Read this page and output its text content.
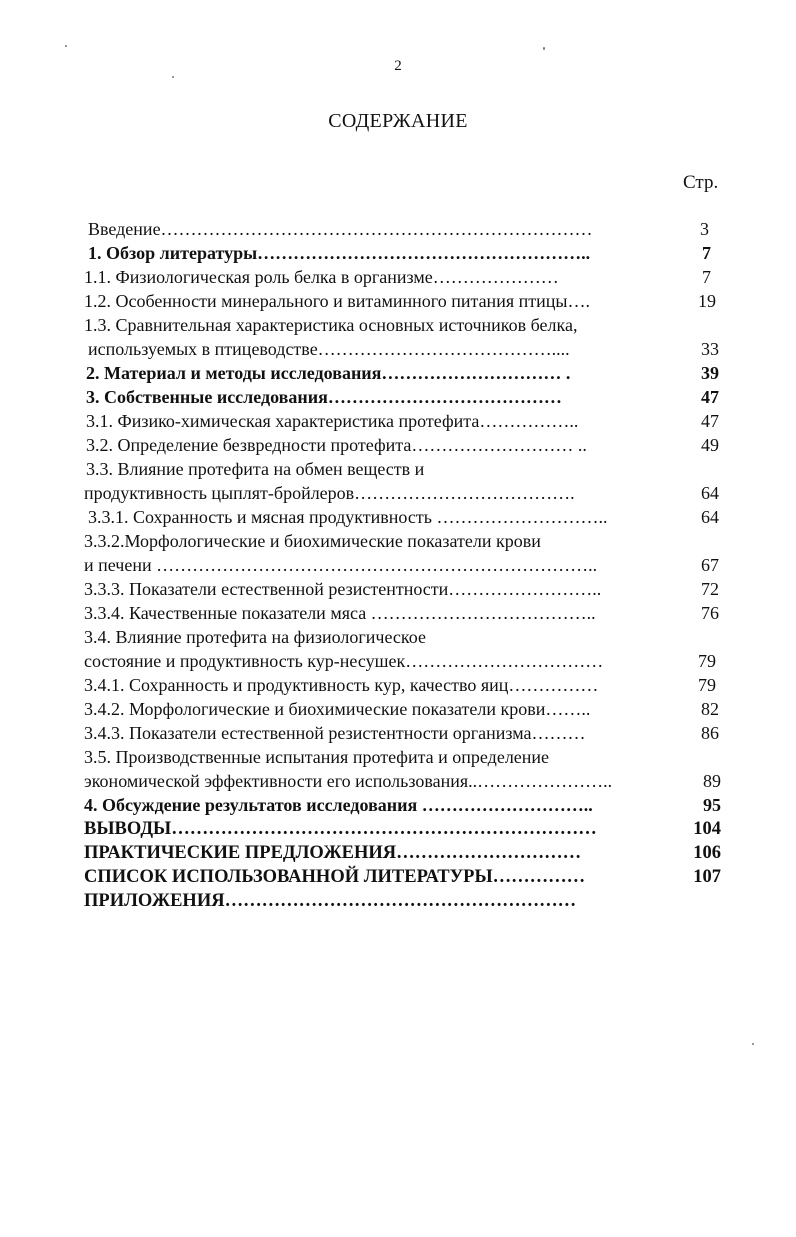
2
СОДЕРЖАНИЕ
Стр.
Введение………………………………………………………………	3
1. Обзор литературы………………………………………………..	7
1.1. Физиологическая роль белка в организме…………………	7
1.2. Особенности минерального и витаминного питания птицы….	19
1.3. Сравнительная характеристика основных источников белка,
используемых в птицеводстве…………………………………....	33
2. Материал и методы исследования………………………… .	39
3. Собственные исследования…………………………………	47
3.1. Физико-химическая характеристика протефита……………..	47
3.2. Определение безвредности протефита……………………… ..	49
3.3. Влияние протефита на обмен веществ и
продуктивность цыплят-бройлеров……………………………….	64
3.3.1. Сохранность и мясная продуктивность ………………………..	64
3.3.2.Морфологические и биохимические показатели крови
и печени ………………………………………………………………..	67
3.3.3. Показатели естественной резистентности……………………..	72
3.3.4. Качественные показатели мяса ………………………………..	76
3.4. Влияние протефита на физиологическое
состояние и продуктивность кур-несушек……………………………	79
3.4.1. Сохранность и продуктивность кур, качество яиц……………	79
3.4.2. Морфологические и биохимические показатели крови……..	82
3.4.3. Показатели естественной резистентности организма………	86
3.5. Производственные испытания протефита и определение
экономической эффективности его использования..…………………..	89
4. Обсуждение результатов исследования ………………………..	95
ВЫВОДЫ……………………………………………………………	104
ПРАКТИЧЕСКИЕ ПРЕДЛОЖЕНИЯ…………………………	106
СПИСОК ИСПОЛЬЗОВАННОЙ ЛИТЕРАТУРЫ……………	107
ПРИЛОЖЕНИЯ…………………………………………………
